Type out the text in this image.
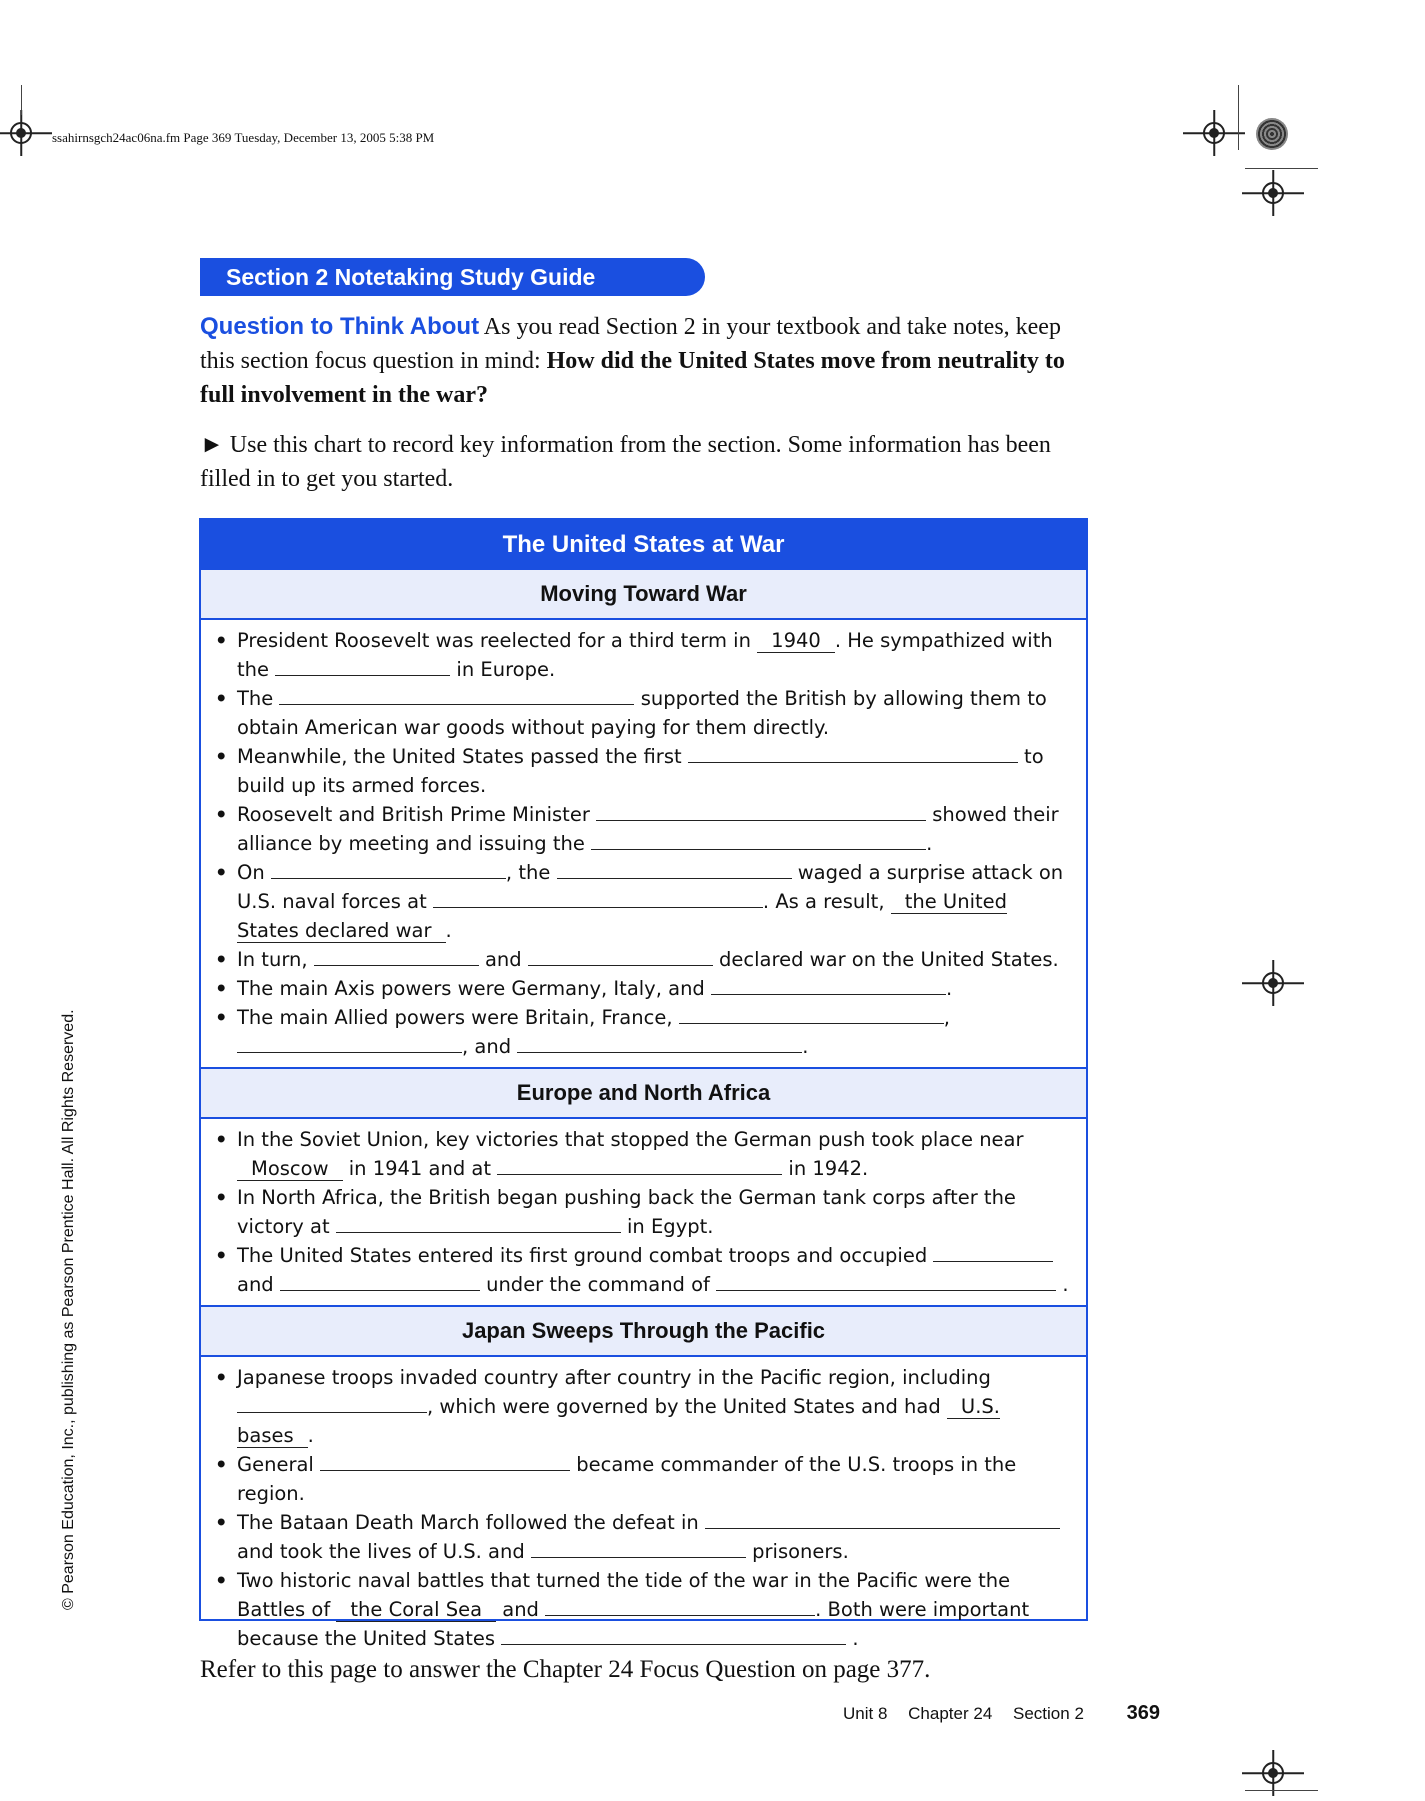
ssahirnsgch24ac06na.fm Page 369 Tuesday, December 13, 2005 5:38 PM
Section 2 Notetaking Study Guide
Question to Think About As you read Section 2 in your textbook and take notes, keep this section focus question in mind: How did the United States move from neutrality to full involvement in the war?
► Use this chart to record key information from the section. Some information has been filled in to get you started.
The United States at War
Moving Toward War
• President Roosevelt was reelected for a third term in 1940 . He sympathized with the	in Europe.
• The	supported the British by allowing them to obtain American war goods without paying for them directly.
• Meanwhile, the United States passed the first	to build up its armed forces.
• Roosevelt and British Prime Minister	showed their alliance by meeting and issuing the	.
• On	, the	waged a surprise attack on U.S. naval forces at	. As a result, the United States declared war .
• In turn,	and	declared war on the United States.
• The main Axis powers were Germany, Italy, and	.
• The main Allied powers were Britain, France,	, , and	.
Europe and North Africa
• In the Soviet Union, key victories that stopped the German push took place near Moscow in 1941 and at	in 1942.
• In North Africa, the British began pushing back the German tank corps after the victory at	in Egypt.
• The United States entered its first ground combat troops and occupied  and	under the command of	.
Japan Sweeps Through the Pacific
• Japanese troops invaded country after country in the Pacific region, including , which were governed by the United States and had U.S. bases .
• General	became commander of the U.S. troops in the region.
• The Bataan Death March followed the defeat in  and took the lives of U.S. and	prisoners.
• Two historic naval battles that turned the tide of the war in the Pacific were the Battles of the Coral Sea and	. Both were important because the United States	.
Refer to this page to answer the Chapter 24 Focus Question on page 377.
Unit 8 Chapter 24 Section 2 369
© Pearson Education, Inc., publishing as Pearson Prentice Hall. All Rights Reserved.
